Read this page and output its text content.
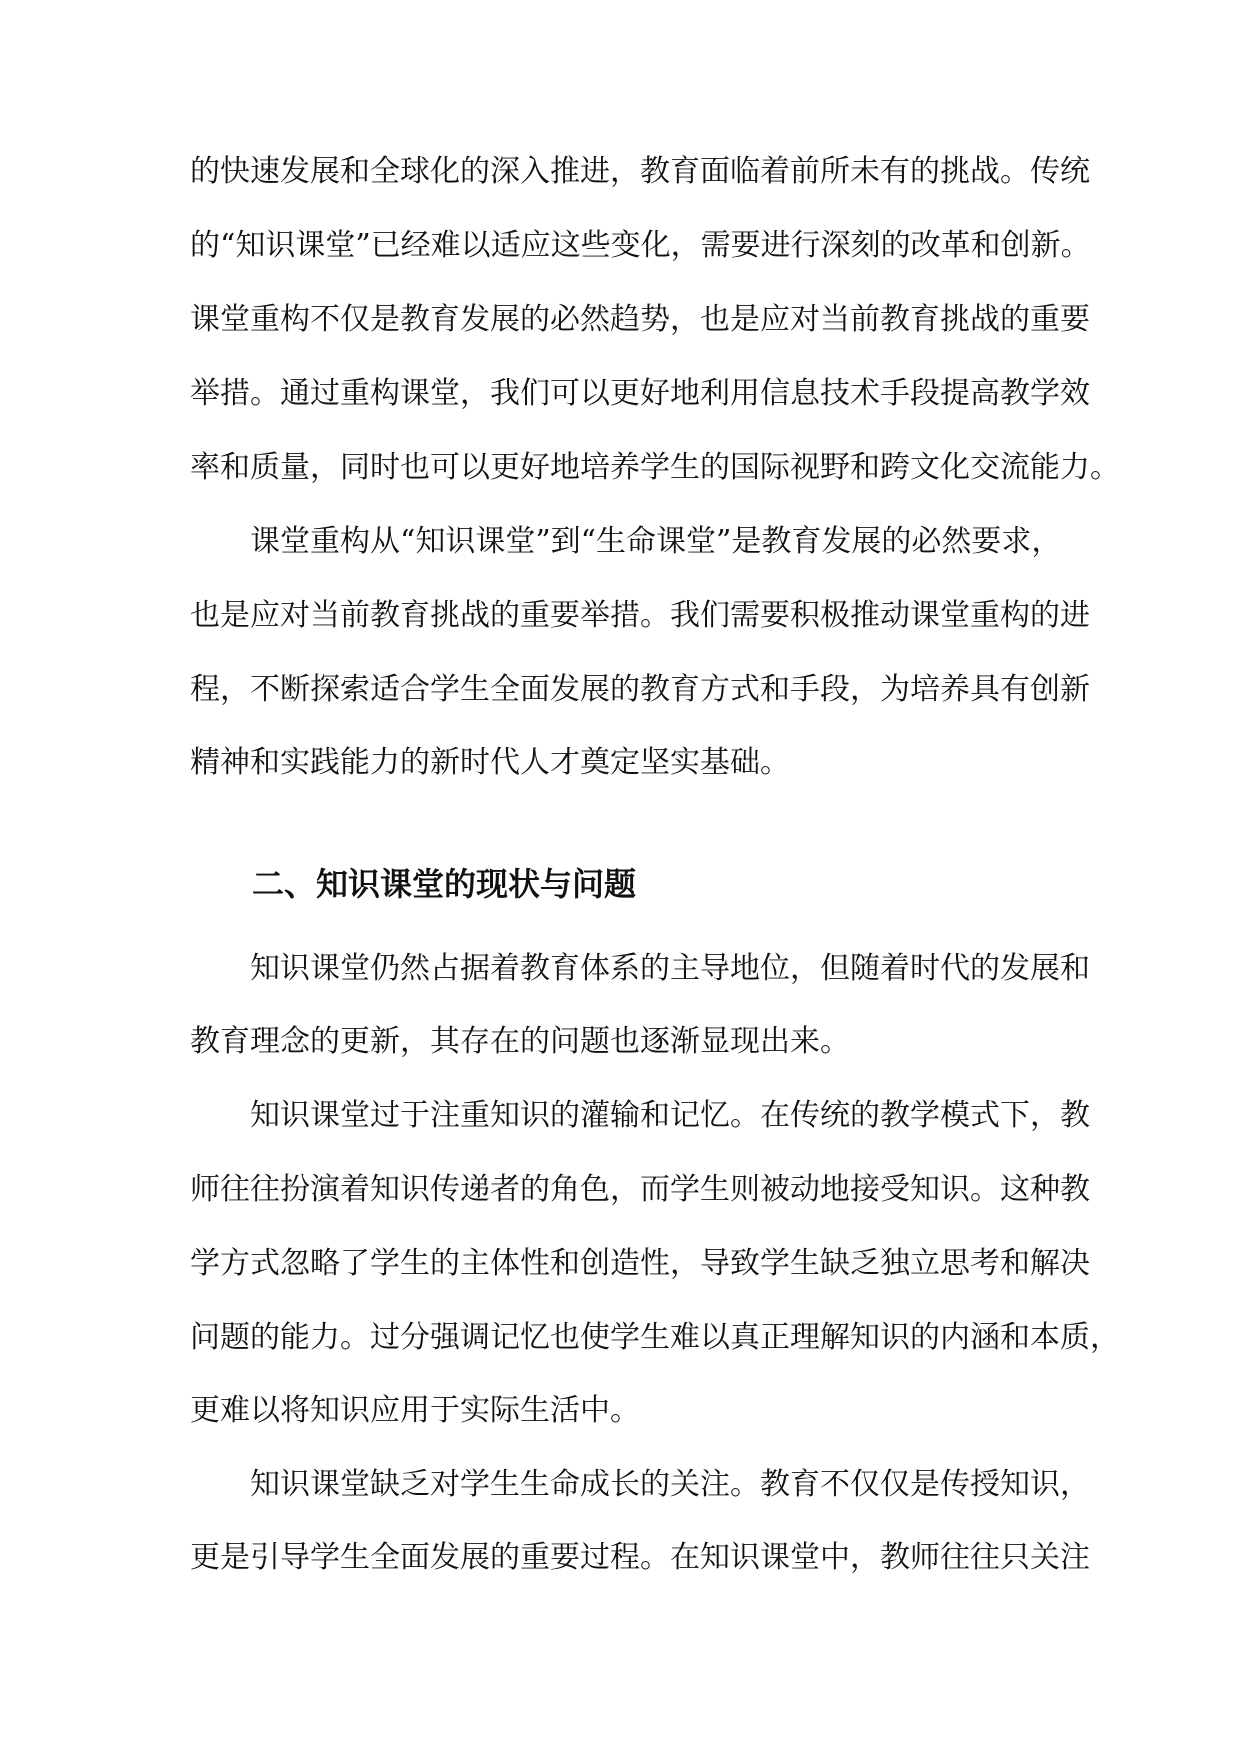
的快速发展和全球化的深入推进，教育面临着前所未有的挑战。传统
的“知识课堂”已经难以适应这些变化，需要进行深刻的改革和创新。
课堂重构不仅是教育发展的必然趋势，也是应对当前教育挑战的重要
举措。通过重构课堂，我们可以更好地利用信息技术手段提高教学效
率和质量，同时也可以更好地培养学生的国际视野和跨文化交流能力。
课堂重构从“知识课堂”到“生命课堂”是教育发展的必然要求，
也是应对当前教育挑战的重要举措。我们需要积极推动课堂重构的进
程，不断探索适合学生全面发展的教育方式和手段，为培养具有创新
精神和实践能力的新时代人才奠定坚实基础。
二、知识课堂的现状与问题
知识课堂仍然占据着教育体系的主导地位，但随着时代的发展和
教育理念的更新，其存在的问题也逐渐显现出来。
知识课堂过于注重知识的灌输和记忆。在传统的教学模式下，教
师往往扮演着知识传递者的角色，而学生则被动地接受知识。这种教
学方式忽略了学生的主体性和创造性，导致学生缺乏独立思考和解决
问题的能力。过分强调记忆也使学生难以真正理解知识的内涵和本质，
更难以将知识应用于实际生活中。
知识课堂缺乏对学生生命成长的关注。教育不仅仅是传授知识，
更是引导学生全面发展的重要过程。在知识课堂中，教师往往只关注
